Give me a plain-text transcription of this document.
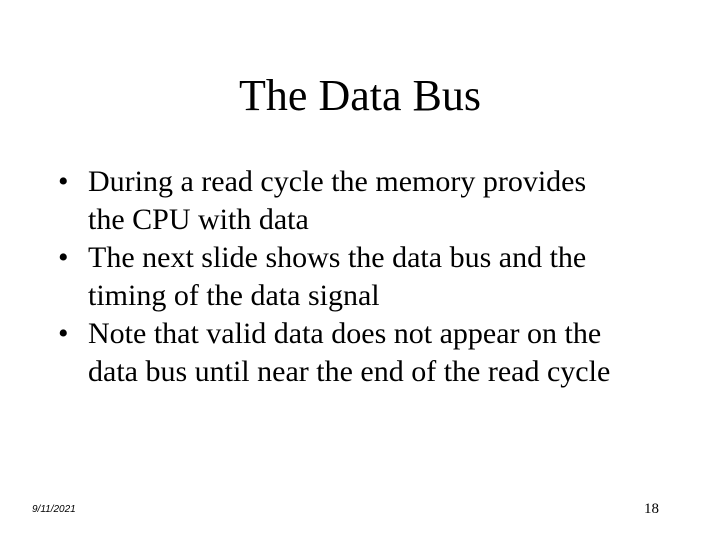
The Data Bus
• During a read cycle the memory provides
the CPU with data
• The next slide shows the data bus and the
timing of the data signal
• Note that valid data does not appear on the
data bus until near the end of the read cycle
9/11/2021	18
